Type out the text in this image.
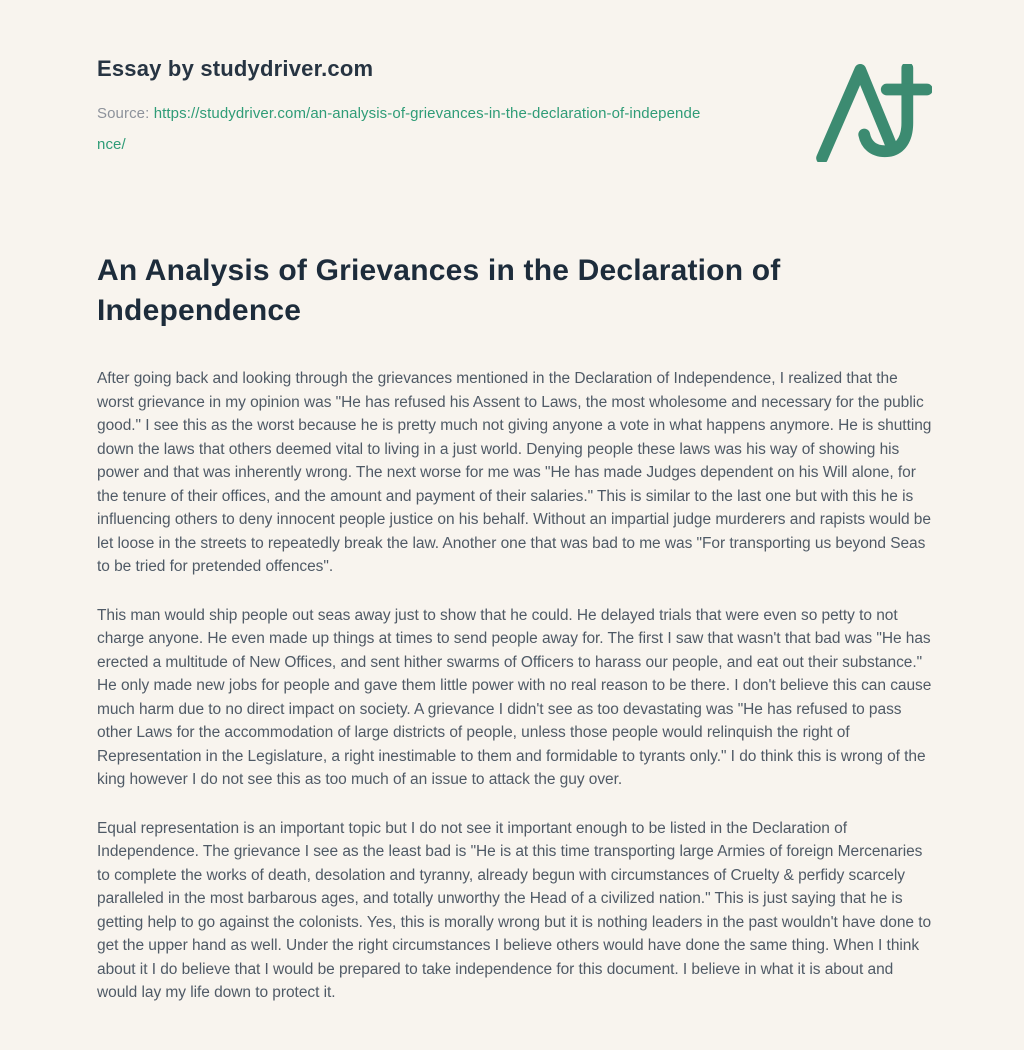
Essay by studydriver.com
Source: https://studydriver.com/an-analysis-of-grievances-in-the-declaration-of-independence/
An Analysis of Grievances in the Declaration of Independence

After going back and looking through the grievances mentioned in the Declaration of Independence, I realized that the worst grievance in my opinion was "He has refused his Assent to Laws, the most wholesome and necessary for the public good." I see this as the worst because he is pretty much not giving anyone a vote in what happens anymore. He is shutting down the laws that others deemed vital to living in a just world. Denying people these laws was his way of showing his power and that was inherently wrong. The next worse for me was "He has made Judges dependent on his Will alone, for the tenure of their offices, and the amount and payment of their salaries." This is similar to the last one but with this he is influencing others to deny innocent people justice on his behalf. Without an impartial judge murderers and rapists would be let loose in the streets to repeatedly break the law. Another one that was bad to me was "For transporting us beyond Seas to be tried for pretended offences".

This man would ship people out seas away just to show that he could. He delayed trials that were even so petty to not charge anyone. He even made up things at times to send people away for. The first I saw that wasn't that bad was "He has erected a multitude of New Offices, and sent hither swarms of Officers to harass our people, and eat out their substance." He only made new jobs for people and gave them little power with no real reason to be there. I don't believe this can cause much harm due to no direct impact on society. A grievance I didn't see as too devastating was "He has refused to pass other Laws for the accommodation of large districts of people, unless those people would relinquish the right of Representation in the Legislature, a right inestimable to them and formidable to tyrants only." I do think this is wrong of the king however I do not see this as too much of an issue to attack the guy over.

Equal representation is an important topic but I do not see it important enough to be listed in the Declaration of Independence. The grievance I see as the least bad is "He is at this time transporting large Armies of foreign Mercenaries to complete the works of death, desolation and tyranny, already begun with circumstances of Cruelty & perfidy scarcely paralleled in the most barbarous ages, and totally unworthy the Head of a civilized nation." This is just saying that he is getting help to go against the colonists. Yes, this is morally wrong but it is nothing leaders in the past wouldn't have done to get the upper hand as well. Under the right circumstances I believe others would have done the same thing. When I think about it I do believe that I would be prepared to take independence for this document. I believe in what it is about and would lay my life down to protect it.
